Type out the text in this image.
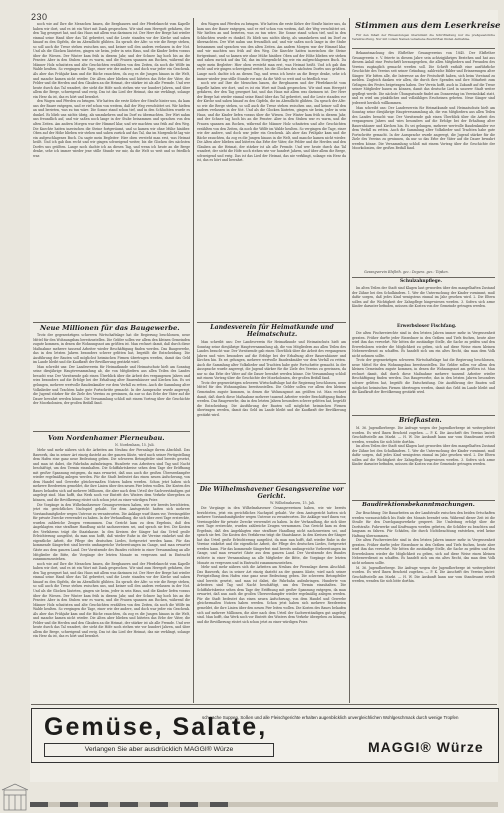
230

noch wie auf Ihre die Menschen bauen, die Bergbauern und der Pferdeknecht vom Kapelle haben wir dort, und es ist ein Wort mit Dank gesprochen. Wir sind zum Herrgott gefahren, der den Tag gesegnet hat, und das Haus mit allem was darinnen ist. Der Herr der Berge hat wieder einmal seine Hand über das Tal gebreitet, und die Leute standen vor der Kirche und sahen hinauf zu den Gipfeln, die im Abendlicht glühten. Da sprach der Alte: so wie die Berge stehen, so soll auch die Treue stehen zwischen uns, und keiner soll den andern verlassen in der Not. Und als die Glocken läuteten, gingen sie heim, jeder in sein Haus, und die Kinder liefen voraus über die Wiesen. Der Winter kam früh in diesem Jahr, und der Schnee lag hoch bis an die Fenster. Aber in den Stuben war es warm, und die Frauen spannen am Rocken, während die Männer Holz schnitzten und alte Geschichten erzählten von den Zeiten, da noch die Wölfe im Walde heulten. So vergingen die Tage, einer wie der andere, und doch war jeder ein Geschenk. Als aber das Frühjahr kam und die Bäche rauschten, da zog es die Jungen hinaus in die Welt, und manche kamen nicht wieder. Die Alten aber blieben und hüteten das Erbe der Väter, die Felder und die Herden und den Glauben an die Heimat, der stärker ist als alle Fremde. Und wer heute durch das Tal wandert, der sieht die Höfe noch stehen wie vor hundert Jahren, und über allem die Berge, schweigend und ewig. Das ist das Lied der Heimat, das nie verklingt, solange ein Herz da ist, das es hört und bewahrt.

den Wagen und Pferden zu bringen. Wir hatten die erste Kehre der Straße hinter uns, da kam uns der Bauer entgegen, und er rief schon von weitem, daß der Weg verschüttet sei. Wir hielten an und berieten, was zu tun wäre. Die Sonne stand schon tief, und in den Schluchten wurde es dunkel. Es blieb uns nichts übrig, als umzukehren und im Dorf zu übernachten. Der Wirt nahm uns freundlich auf, und wir saßen noch lange in der Stube beisammen und sprachen von den alten Zeiten. Am andern Morgen war der Himmel klar, und wir machten uns früh auf den Weg. Die Knechte hatten inzwischen die Steine fortgeräumt, und so kamen wir ohne Mühe hinüber. Oben auf der Höhe blieben wir stehen und sahen zurück auf das Tal, das im Morgenlicht lag wie ein aufgeschlagenes Buch. Da sagte mein Begleiter: Hier oben versteht man erst, was Heimat heißt. Und ich gab ihm recht und wir gingen schweigend weiter, bis die Glocken des nächsten Dorfes uns grüßten. Lange noch dachte ich an diesen Tag, und wenn ich heute an die Berge denke, sehe ich immer wieder jene stille Stunde vor mir, da die Welt so weit und so friedlich war.

Neue Millionen für das Baugewerbe.

Trotz der gegenwärtigen schweren Wirtschaftslage hat die Regierung beschlossen, neue Mittel für den Wohnungsbau bereitzustellen. Die Gelder sollen vor allem den kleinen Gemeinden zugute kommen, in denen die Wohnungsnot am größten ist. Man rechnet damit, daß durch diese Maßnahme mehrere tausend Arbeiter wieder Beschäftigung finden werden. Das Baugewerbe, das in den letzten Jahren besonders schwer gelitten hat, begrüßt die Entscheidung. Die Ausführung der Bauten soll möglichst heimischen Firmen übertragen werden, damit das Geld im Lande bleibt und die Kaufkraft der Bevölkerung gestärkt wird.

Man schreibt uns: Der Landesverein für Heimatkunde und Heimatschutz hielt am Sonntag seine diesjährige Hauptversammlung ab, die von Mitgliedern aus allen Teilen des Landes besucht war. Der Vorsitzende gab einen Überblick über die Arbeit des vergangenen Jahres und wies besonders auf die Erfolge bei der Erhaltung alter Bauernhäuser und Kirchen hin. Es sei gelungen, mehrere wertvolle Baudenkmäler vor dem Verfall zu retten. Auch die Sammlung alter Volkslieder und Trachten habe gute Fortschritte gemacht. In der Aussprache wurde angeregt, die Jugend stärker für die Ziele des Vereins zu gewinnen, da nur so das Erbe der Väter auf die Dauer bewahrt werden könne. Die Versammlung schloß mit einem Vortrag über die Geschichte der Moorkolonien, der großen Beifall fand.

Vom Nordenhamer Pierneubau.
N. Nordenham, 15. Juli.

Mehr und mehr nähern sich die Arbeiten am Neubau der Pieranlage ihrem Abschluß. Das Bauwerk, das in seiner Art einzig dasteht an der ganzen Küste, wird nach seiner Fertigstellung dem Hafen eine ganz neue Bedeutung geben. Die schweren Betonpfeiler sind bereits gesetzt, und man ist dabei, die Fahrbahn aufzubringen. Hunderte von Arbeitern sind Tag und Nacht beschäftigt, um den Termin einzuhalten. Die Schiffahrtskreise sehen dem Tage der Eröffnung mit großer Spannung entgegen, da man erwartet, daß nun auch die großen Überseedampfer wieder regelmäßig anlegen werden. Für die Stadt bedeutet das einen neuen Aufschwung, von dem Handel und Gewerbe gleichermaßen Nutzen haben werden. Schon jetzt haben sich mehrere Reedereien gemeldet, die ihre Linien über den neuen Pier leiten wollen. Die Kosten des Baues belaufen sich auf mehrere Millionen, die aber nach dem Urteil der Sachverständigen gut angelegt sind. Man hofft, das Werk noch vor Eintritt des Winters dem Verkehr übergeben zu können, und die Bevölkerung rüstet sich schon jetzt zu einer würdigen Feier.

Die Vorgänge in den Wilhelmshavener Gesangsvereinen haben, wie wir bereits berichteten, jetzt ein gerichtliches Nachspiel gehabt. Vor dem Amtsgericht hatten sich mehrere Vorstandsmitglieder wegen Untreue zu verantworten. Die Anklage warf ihnen vor, Vereinsgelder für private Zwecke verwendet zu haben. In der Verhandlung, die sich über zwei Tage erstreckte, wurden zahlreiche Zeugen vernommen. Das Gericht kam zu dem Ergebnis, daß den Angeklagten eine strafbare Handlung nicht nachzuweisen sei, und sprach sie frei. Die Kosten des Verfahrens trägt die Staatskasse. In den Kreisen der Sänger hat das Urteil große Erleichterung ausgelöst, da man nun hofft, daß wieder Ruhe in die Vereine einkehrt und die eigentliche Arbeit, die Pflege des deutschen Liedes, fortgesetzt werden kann. Für das kommende Sängerfest sind bereits umfangreiche Vorbereitungen im Gange, und man erwartet Gäste aus dem ganzen Land. Der Vorsitzende des Bundes richtete in einer Versammlung an alle Mitglieder die Bitte, die Vorgänge der letzten Monate zu vergessen und in Eintracht zusammenzustehen.

noch wie auf Ihre die Menschen bauen, die Bergbauern und der Pferdeknecht vom Kapelle haben wir dort, und es ist ein Wort mit Dank gesprochen. Wir sind zum Herrgott gefahren, der den Tag gesegnet hat, und das Haus mit allem was darinnen ist. Der Herr der Berge hat wieder einmal seine Hand über das Tal gebreitet, und die Leute standen vor der Kirche und sahen hinauf zu den Gipfeln, die im Abendlicht glühten. Da sprach der Alte: so wie die Berge stehen, so soll auch die Treue stehen zwischen uns, und keiner soll den andern verlassen in der Not. Und als die Glocken läuteten, gingen sie heim, jeder in sein Haus, und die Kinder liefen voraus über die Wiesen. Der Winter kam früh in diesem Jahr, und der Schnee lag hoch bis an die Fenster. Aber in den Stuben war es warm, und die Frauen spannen am Rocken, während die Männer Holz schnitzten und alte Geschichten erzählten von den Zeiten, da noch die Wölfe im Walde heulten. So vergingen die Tage, einer wie der andere, und doch war jeder ein Geschenk. Als aber das Frühjahr kam und die Bäche rauschten, da zog es die Jungen hinaus in die Welt, und manche kamen nicht wieder. Die Alten aber blieben und hüteten das Erbe der Väter, die Felder und die Herden und den Glauben an die Heimat, der stärker ist als alle Fremde. Und wer heute durch das Tal wandert, der sieht die Höfe noch stehen wie vor hundert Jahren, und über allem die Berge, schweigend und ewig. Das ist das Lied der Heimat, das nie verklingt, solange ein Herz da ist, das es hört und bewahrt.

den Wagen und Pferden zu bringen. Wir hatten die erste Kehre der Straße hinter uns, da kam uns der Bauer entgegen, und er rief schon von weitem, daß der Weg verschüttet sei. Wir hielten an und berieten, was zu tun wäre. Die Sonne stand schon tief, und in den Schluchten wurde es dunkel. Es blieb uns nichts übrig, als umzukehren und im Dorf zu übernachten. Der Wirt nahm uns freundlich auf, und wir saßen noch lange in der Stube beisammen und sprachen von den alten Zeiten. Am andern Morgen war der Himmel klar, und wir machten uns früh auf den Weg. Die Knechte hatten inzwischen die Steine fortgeräumt, und so kamen wir ohne Mühe hinüber. Oben auf der Höhe blieben wir stehen und sahen zurück auf das Tal, das im Morgenlicht lag wie ein aufgeschlagenes Buch. Da sagte mein Begleiter: Hier oben versteht man erst, was Heimat heißt. Und ich gab ihm recht und wir gingen schweigend weiter, bis die Glocken des nächsten Dorfes uns grüßten. Lange noch dachte ich an diesen Tag, und wenn ich heute an die Berge denke, sehe ich immer wieder jene stille Stunde vor mir, da die Welt so weit und so friedlich war.

noch wie auf Ihre die Menschen bauen, die Bergbauern und der Pferdeknecht vom Kapelle haben wir dort, und es ist ein Wort mit Dank gesprochen. Wir sind zum Herrgott gefahren, der den Tag gesegnet hat, und das Haus mit allem was darinnen ist. Der Herr der Berge hat wieder einmal seine Hand über das Tal gebreitet, und die Leute standen vor der Kirche und sahen hinauf zu den Gipfeln, die im Abendlicht glühten. Da sprach der Alte: so wie die Berge stehen, so soll auch die Treue stehen zwischen uns, und keiner soll den andern verlassen in der Not. Und als die Glocken läuteten, gingen sie heim, jeder in sein Haus, und die Kinder liefen voraus über die Wiesen. Der Winter kam früh in diesem Jahr, und der Schnee lag hoch bis an die Fenster. Aber in den Stuben war es warm, und die Frauen spannen am Rocken, während die Männer Holz schnitzten und alte Geschichten erzählten von den Zeiten, da noch die Wölfe im Walde heulten. So vergingen die Tage, einer wie der andere, und doch war jeder ein Geschenk. Als aber das Frühjahr kam und die Bäche rauschten, da zog es die Jungen hinaus in die Welt, und manche kamen nicht wieder. Die Alten aber blieben und hüteten das Erbe der Väter, die Felder und die Herden und den Glauben an die Heimat, der stärker ist als alle Fremde. Und wer heute durch das Tal wandert, der sieht die Höfe noch stehen wie vor hundert Jahren, und über allem die Berge, schweigend und ewig. Das ist das Lied der Heimat, das nie verklingt, solange ein Herz da ist, das es hört und bewahrt.

Landesverein für Heimatkunde und Heimatschutz.

Man schreibt uns: Der Landesverein für Heimatkunde und Heimatschutz hielt am Sonntag seine diesjährige Hauptversammlung ab, die von Mitgliedern aus allen Teilen des Landes besucht war. Der Vorsitzende gab einen Überblick über die Arbeit des vergangenen Jahres und wies besonders auf die Erfolge bei der Erhaltung alter Bauernhäuser und Kirchen hin. Es sei gelungen, mehrere wertvolle Baudenkmäler vor dem Verfall zu retten. Auch die Sammlung alter Volkslieder und Trachten habe gute Fortschritte gemacht. In der Aussprache wurde angeregt, die Jugend stärker für die Ziele des Vereins zu gewinnen, da nur so das Erbe der Väter auf die Dauer bewahrt werden könne. Die Versammlung schloß mit einem Vortrag über die Geschichte der Moorkolonien, der großen Beifall fand.

Trotz der gegenwärtigen schweren Wirtschaftslage hat die Regierung beschlossen, neue Mittel für den Wohnungsbau bereitzustellen. Die Gelder sollen vor allem den kleinen Gemeinden zugute kommen, in denen die Wohnungsnot am größten ist. Man rechnet damit, daß durch diese Maßnahme mehrere tausend Arbeiter wieder Beschäftigung finden werden. Das Baugewerbe, das in den letzten Jahren besonders schwer gelitten hat, begrüßt die Entscheidung. Die Ausführung der Bauten soll möglichst heimischen Firmen übertragen werden, damit das Geld im Lande bleibt und die Kaufkraft der Bevölkerung gestärkt wird.

Die Wilhelmshavener Gesangsvereine vor Gericht.
W. Wilhelmshaven, 15. Juli.

Die Vorgänge in den Wilhelmshavener Gesangsvereinen haben, wie wir bereits berichteten, jetzt ein gerichtliches Nachspiel gehabt. Vor dem Amtsgericht hatten sich mehrere Vorstandsmitglieder wegen Untreue zu verantworten. Die Anklage warf ihnen vor, Vereinsgelder für private Zwecke verwendet zu haben. In der Verhandlung, die sich über zwei Tage erstreckte, wurden zahlreiche Zeugen vernommen. Das Gericht kam zu dem Ergebnis, daß den Angeklagten eine strafbare Handlung nicht nachzuweisen sei, und sprach sie frei. Die Kosten des Verfahrens trägt die Staatskasse. In den Kreisen der Sänger hat das Urteil große Erleichterung ausgelöst, da man nun hofft, daß wieder Ruhe in die Vereine einkehrt und die eigentliche Arbeit, die Pflege des deutschen Liedes, fortgesetzt werden kann. Für das kommende Sängerfest sind bereits umfangreiche Vorbereitungen im Gange, und man erwartet Gäste aus dem ganzen Land. Der Vorsitzende des Bundes richtete in einer Versammlung an alle Mitglieder die Bitte, die Vorgänge der letzten Monate zu vergessen und in Eintracht zusammenzustehen.

Mehr und mehr nähern sich die Arbeiten am Neubau der Pieranlage ihrem Abschluß. Das Bauwerk, das in seiner Art einzig dasteht an der ganzen Küste, wird nach seiner Fertigstellung dem Hafen eine ganz neue Bedeutung geben. Die schweren Betonpfeiler sind bereits gesetzt, und man ist dabei, die Fahrbahn aufzubringen. Hunderte von Arbeitern sind Tag und Nacht beschäftigt, um den Termin einzuhalten. Die Schiffahrtskreise sehen dem Tage der Eröffnung mit großer Spannung entgegen, da man erwartet, daß nun auch die großen Überseedampfer wieder regelmäßig anlegen werden. Für die Stadt bedeutet das einen neuen Aufschwung, von dem Handel und Gewerbe gleichermaßen Nutzen haben werden. Schon jetzt haben sich mehrere Reedereien gemeldet, die ihre Linien über den neuen Pier leiten wollen. Die Kosten des Baues belaufen sich auf mehrere Millionen, die aber nach dem Urteil der Sachverständigen gut angelegt sind. Man hofft, das Werk noch vor Eintritt des Winters dem Verkehr übergeben zu können, und die Bevölkerung rüstet sich schon jetzt zu einer würdigen Feier.

Stimmen aus dem Leserkreise

Für den Inhalt der Einsendungen übernimmt die Schriftleitung nur die preßgesetzliche Verantwortung. Nur mit vollem Namen versehene Zuschriften finden Aufnahme.

Bekanntmachung des Elsflether Gesangvereins von 1845. Der Elsflether Gesangverein e. V. feierte in diesem Jahre sein achtzigjähriges Bestehen und hat aus diesem Anlaß eine Festschrift herausgegeben, die allen Mitgliedern und Freunden des Vereins zugänglich gemacht werden soll. Die Schrift enthält eine ausführliche Geschichte des Vereins seit seiner Gründung, zahlreiche Bilder und Erinnerungen alter Sänger. Wir bitten alle, die Interesse an der Festschrift haben, sich beim Vorstand zu melden. Zugleich danken wir allen, die durch ihre Spenden und ihre Mitarbeit zum Gelingen des Festes beigetragen haben. Der Verein hofft, auch in Zukunft auf die Treue seiner Mitglieder bauen zu können, damit das deutsche Lied in unserer Stadt weiter gepflegt werde. Die nächste Übungsstunde findet am Donnerstag im Vereinslokal statt, und es wird um pünktliches und vollzähliges Erscheinen gebeten. Neue Sänger sind jederzeit herzlich willkommen.

Man schreibt uns: Der Landesverein für Heimatkunde und Heimatschutz hielt am Sonntag seine diesjährige Hauptversammlung ab, die von Mitgliedern aus allen Teilen des Landes besucht war. Der Vorsitzende gab einen Überblick über die Arbeit des vergangenen Jahres und wies besonders auf die Erfolge bei der Erhaltung alter Bauernhäuser und Kirchen hin. Es sei gelungen, mehrere wertvolle Baudenkmäler vor dem Verfall zu retten. Auch die Sammlung alter Volkslieder und Trachten habe gute Fortschritte gemacht. In der Aussprache wurde angeregt, die Jugend stärker für die Ziele des Vereins zu gewinnen, da nur so das Erbe der Väter auf die Dauer bewahrt werden könne. Die Versammlung schloß mit einem Vortrag über die Geschichte der Moorkolonien, der großen Beifall fand.

Gesangverein Elsfleth. gez.: Degenz. gez.: Töpken.
Schulzahnpflege.

Im alten Teilen der Stadt sind Klagen laut geworden über den mangelhaften Zustand der Zähne bei den Schulkindern. 1. Wer die Untersuchung der Kinder vornimmt, muß dafür sorgen, daß jedes Kind wenigstens einmal im Jahr gesehen wird. 2. Die Eltern sollen auf die Wichtigkeit der Zahnpflege hingewiesen werden. 3. Sofern sich arme Kinder darunter befinden, müssen die Kosten von der Gemeinde getragen werden.

Erwerbsloser Fischfang.

Die alten Fischereirechte sind in den letzten Jahren immer mehr in Vergessenheit geraten. Früher durfte jeder Einwohner in den Gräben und Tiefs fischen, heute aber wird ihm das verwehrt. Wir bitten die zuständige Stelle, die Sache zu prüfen und den Erwerbslosen wieder die Möglichkeit zu geben, sich auf diese Weise einen kleinen Nebenverdienst zu schaffen. Es handelt sich um ein altes Recht, das man dem Volk nicht nehmen sollte.

Trotz der gegenwärtigen schweren Wirtschaftslage hat die Regierung beschlossen, neue Mittel für den Wohnungsbau bereitzustellen. Die Gelder sollen vor allem den kleinen Gemeinden zugute kommen, in denen die Wohnungsnot am größten ist. Man rechnet damit, daß durch diese Maßnahme mehrere tausend Arbeiter wieder Beschäftigung finden werden. Das Baugewerbe, das in den letzten Jahren besonders schwer gelitten hat, begrüßt die Entscheidung. Die Ausführung der Bauten soll möglichst heimischen Firmen übertragen werden, damit das Geld im Lande bleibt und die Kaufkraft der Bevölkerung gestärkt wird.

Briefkasten.

M. 36. Jugendherberge. Die Anfrage wegen der Jugendherberge ist weitergeleitet worden. Es wird Ihnen Bescheid zugehen. — P. K. Die Anschrift des Vereins lautet: Geschäftsstelle am Markt. — H. W. Die Auskunft kann nur vom Standesamt erteilt werden, wenden Sie sich bitte dorthin.

Im alten Teilen der Stadt sind Klagen laut geworden über den mangelhaften Zustand der Zähne bei den Schulkindern. 1. Wer die Untersuchung der Kinder vornimmt, muß dafür sorgen, daß jedes Kind wenigstens einmal im Jahr gesehen wird. 2. Die Eltern sollen auf die Wichtigkeit der Zahnpflege hingewiesen werden. 3. Sofern sich arme Kinder darunter befinden, müssen die Kosten von der Gemeinde getragen werden.

Baudirektionsbekanntmachungen.

Zur Beachtung: Die Bauarbeiten an der Landstraße zwischen den beiden Ortschaften werden voraussichtlich bis Ende des Monats beendet sein. Während dieser Zeit ist die Straße für den Durchgangsverkehr gesperrt. Die Umleitung erfolgt über die Dorfstraße. Fuhrwerke und Kraftwagen werden gebeten, die Schilder zu beachten und langsam zu fahren. Für Schäden, die durch Nichtbeachtung entstehen, wird keine Haftung übernommen.

Die alten Fischereirechte sind in den letzten Jahren immer mehr in Vergessenheit geraten. Früher durfte jeder Einwohner in den Gräben und Tiefs fischen, heute aber wird ihm das verwehrt. Wir bitten die zuständige Stelle, die Sache zu prüfen und den Erwerbslosen wieder die Möglichkeit zu geben, sich auf diese Weise einen kleinen Nebenverdienst zu schaffen. Es handelt sich um ein altes Recht, das man dem Volk nicht nehmen sollte.

M. 36. Jugendherberge. Die Anfrage wegen der Jugendherberge ist weitergeleitet worden. Es wird Ihnen Bescheid zugehen. — P. K. Die Anschrift des Vereins lautet: Geschäftsstelle am Markt. — H. W. Die Auskunft kann nur vom Standesamt erteilt werden, wenden Sie sich bitte dorthin.

Gemüse, Salate,
schwache Suppen, Soßen und alle Fleischgerichte erhalten augenblicklich unvergleichlichen Wohlgeschmack durch wenige Tropfen
Verlangen Sie aber ausdrücklich MAGGI® Würze	MAGGI® Würze
